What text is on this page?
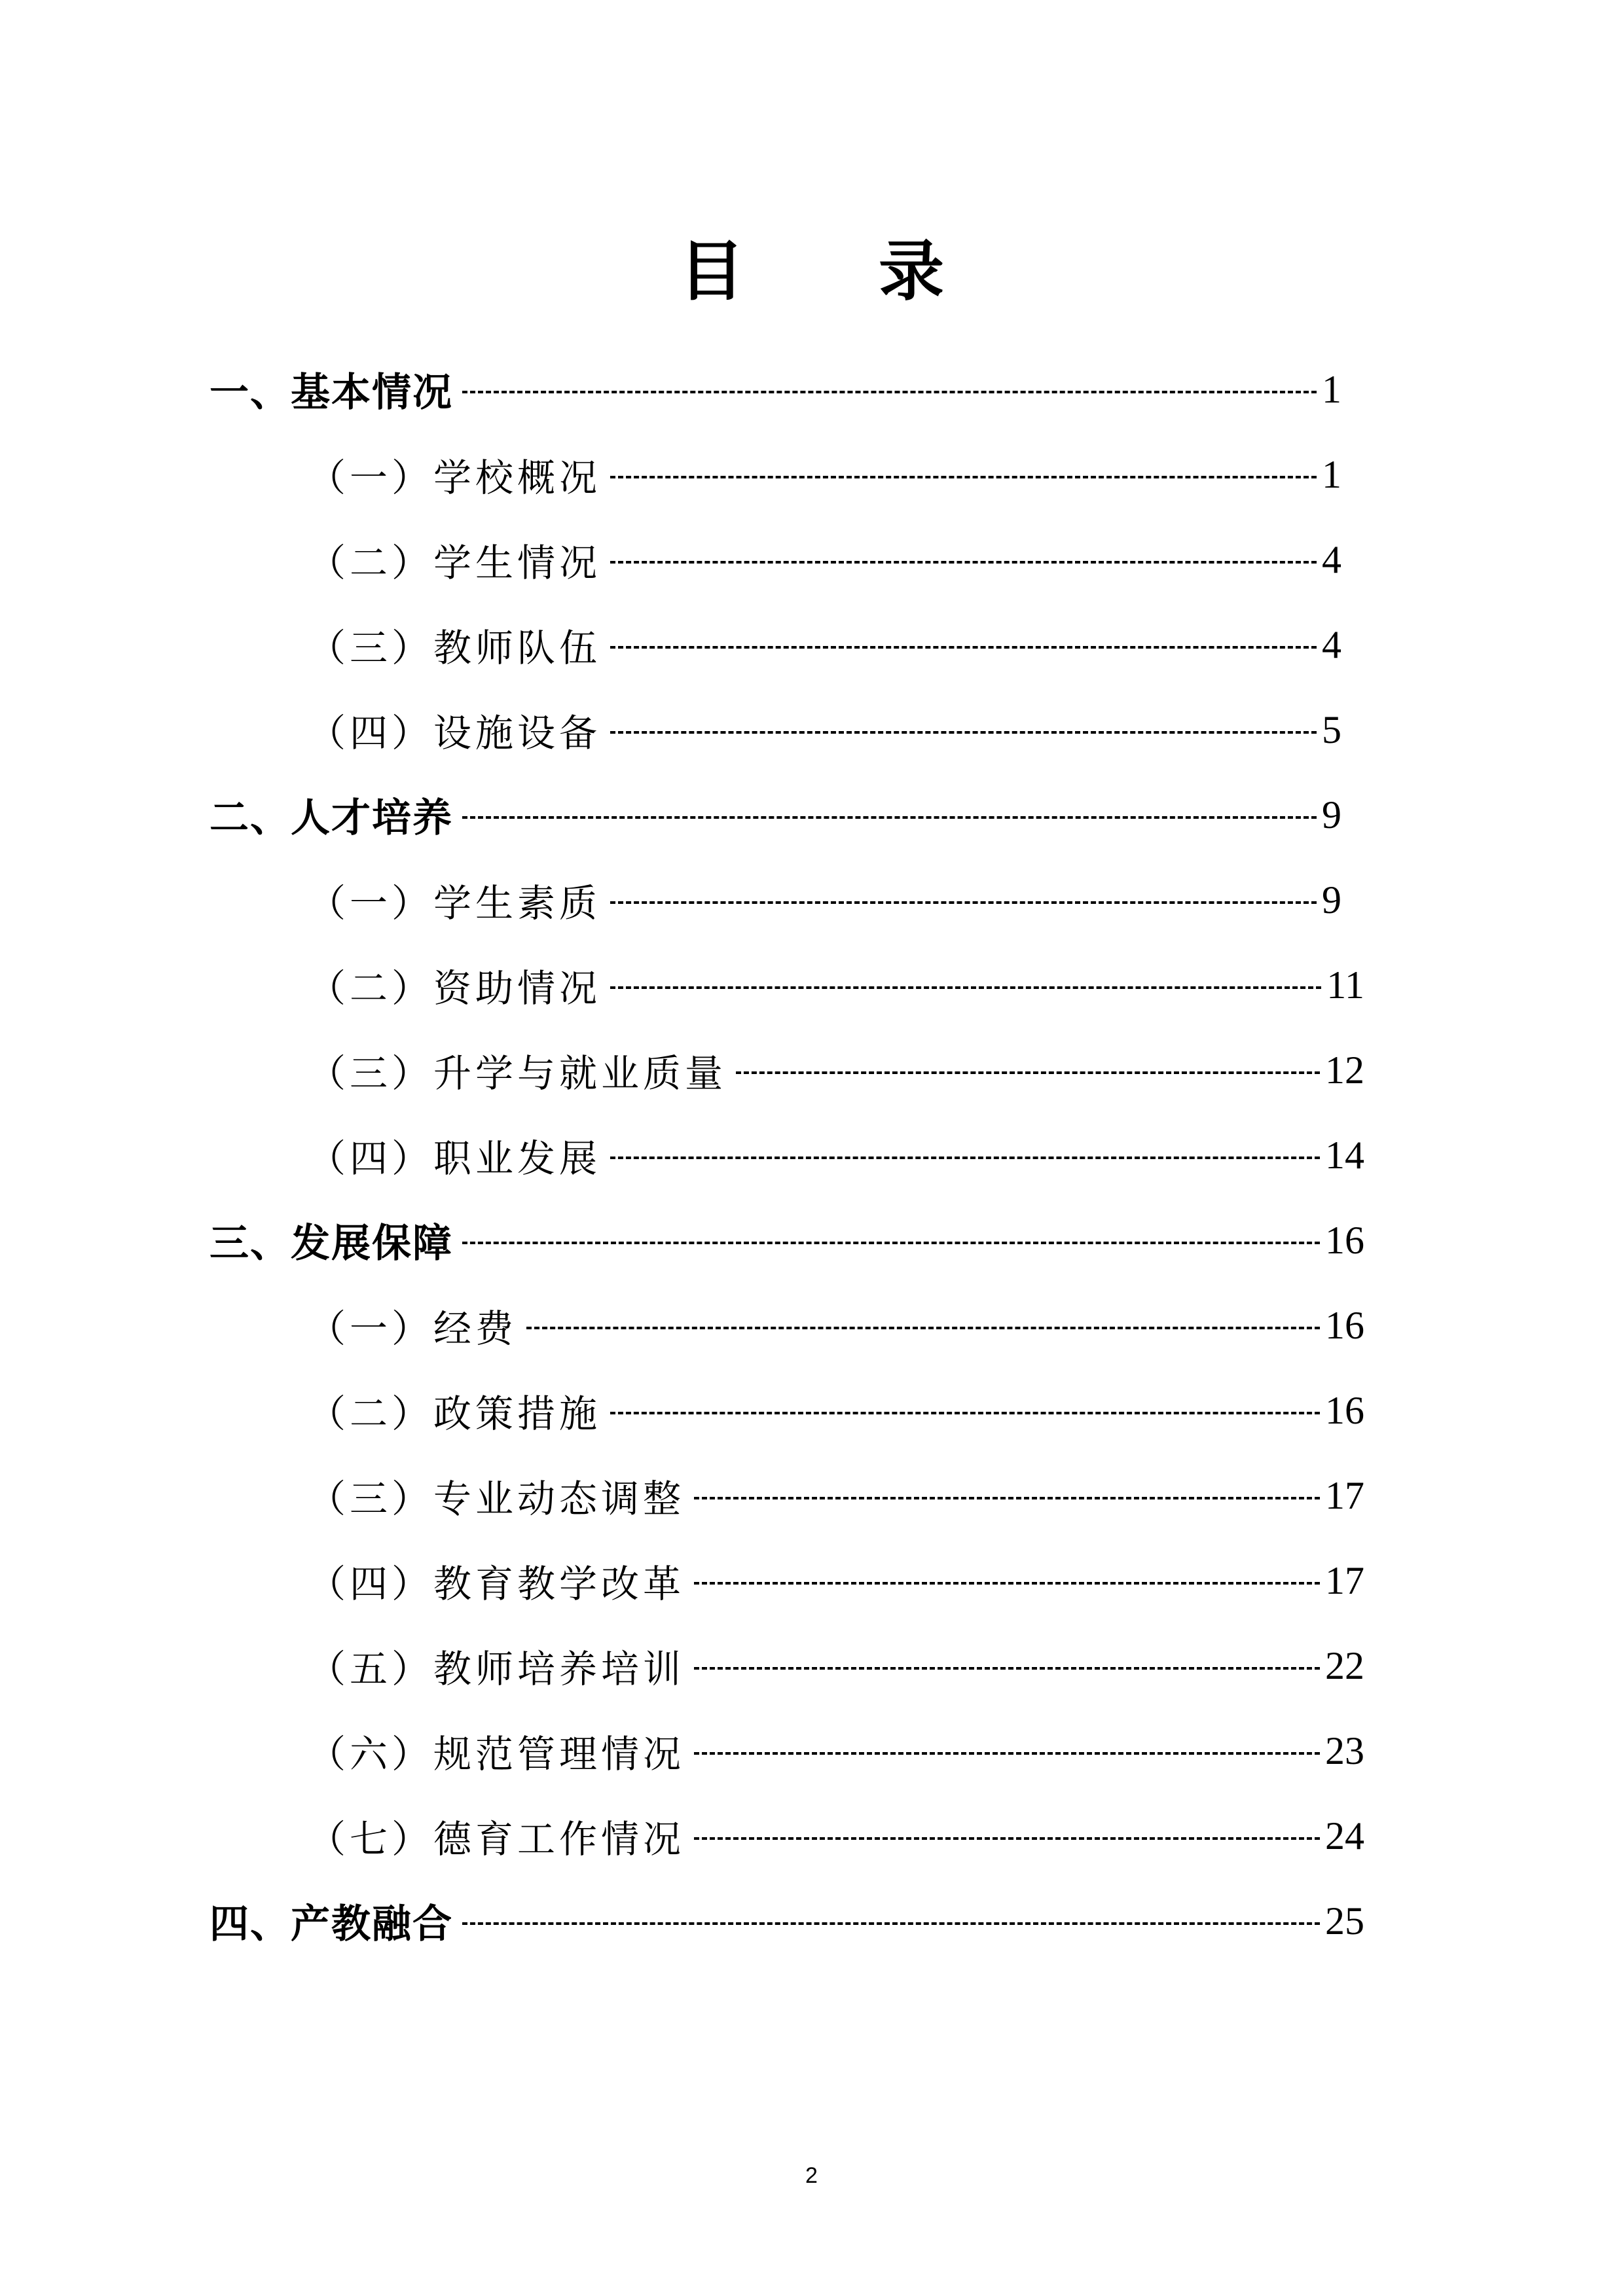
目 录
一、基本情况	1
（一）学校概况	1
（二）学生情况	4
（三）教师队伍	4
（四）设施设备	5
二、人才培养	9
（一）学生素质	9
（二）资助情况	11
（三）升学与就业质量	12
（四）职业发展	14
三、发展保障	16
（一）经费	16
（二）政策措施	16
（三）专业动态调整	17
（四）教育教学改革	17
（五）教师培养培训	22
（六）规范管理情况	23
（七）德育工作情况	24
四、产教融合	25
2
